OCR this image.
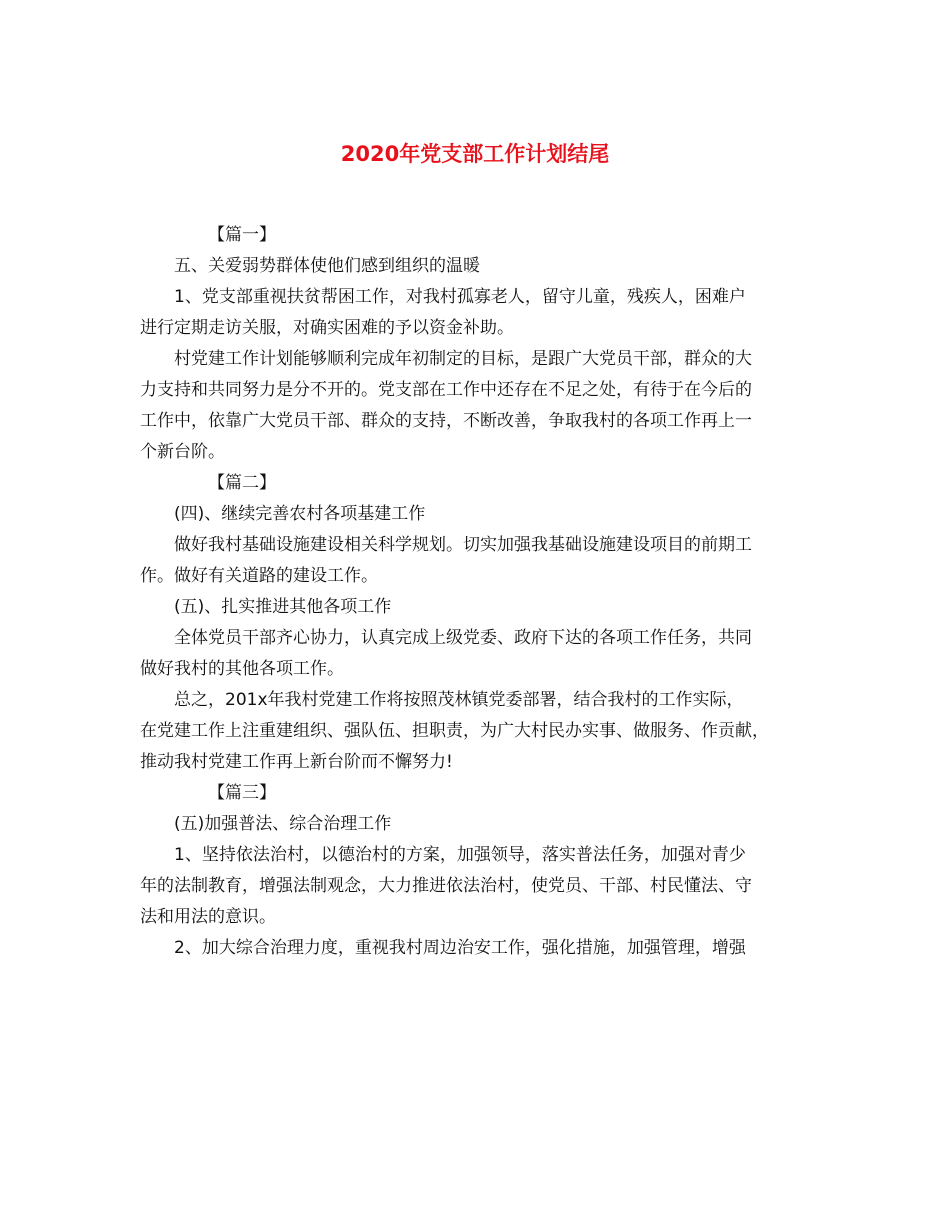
2020年党支部工作计划结尾
【篇一】
五、关爱弱势群体使他们感到组织的温暖
1、党支部重视扶贫帮困工作，对我村孤寡老人，留守儿童，残疾人，困难户
进行定期走访关服，对确实困难的予以资金补助。
村党建工作计划能够顺利完成年初制定的目标，是跟广大党员干部，群众的大
力支持和共同努力是分不开的。党支部在工作中还存在不足之处，有待于在今后的
工作中，依靠广大党员干部、群众的支持，不断改善，争取我村的各项工作再上一
个新台阶。
【篇二】
(四)、继续完善农村各项基建工作
做好我村基础设施建设相关科学规划。切实加强我基础设施建设项目的前期工
作。做好有关道路的建设工作。
(五)、扎实推进其他各项工作
全体党员干部齐心协力，认真完成上级党委、政府下达的各项工作任务，共同
做好我村的其他各项工作。
总之，201x年我村党建工作将按照茂林镇党委部署，结合我村的工作实际，
在党建工作上注重建组织、强队伍、担职责，为广大村民办实事、做服务、作贡献，
推动我村党建工作再上新台阶而不懈努力!
【篇三】
(五)加强普法、综合治理工作
1、坚持依法治村，以德治村的方案，加强领导，落实普法任务，加强对青少
年的法制教育，增强法制观念，大力推进依法治村，使党员、干部、村民懂法、守
法和用法的意识。
2、加大综合治理力度，重视我村周边治安工作，强化措施，加强管理，增强
